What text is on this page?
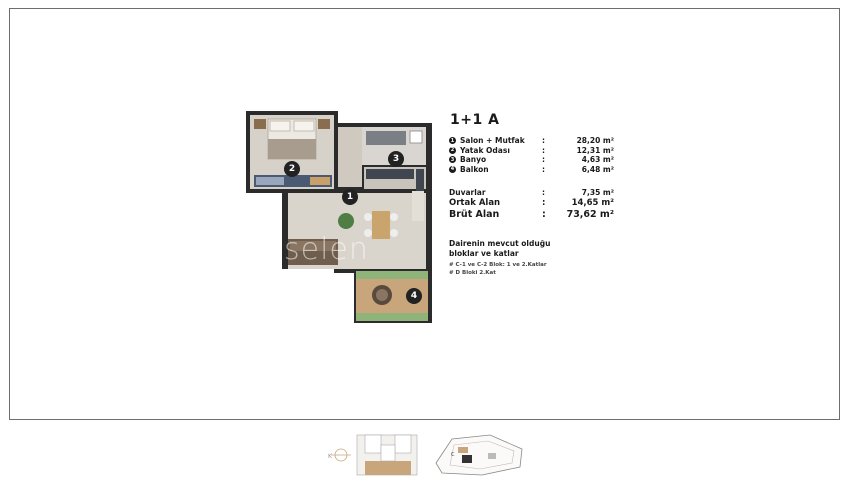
1
2
3
4
selen
1+1 A
1 Salon + Mutfak	:	28,20 m²
2 Yatak Odası	:	12,31 m²
3 Banyo	:	4,63 m²
4 Balkon	:	6,48 m²
Duvarlar	:	7,35 m²
Ortak Alan	:	14,65 m²
Brüt Alan	:	73,62 m²
Dairenin mevcut olduğu bloklar ve katlar
# C-1 ve C-2 Blok: 1 ve 2.Katlar
# D Bloki 2.Kat
K	C
